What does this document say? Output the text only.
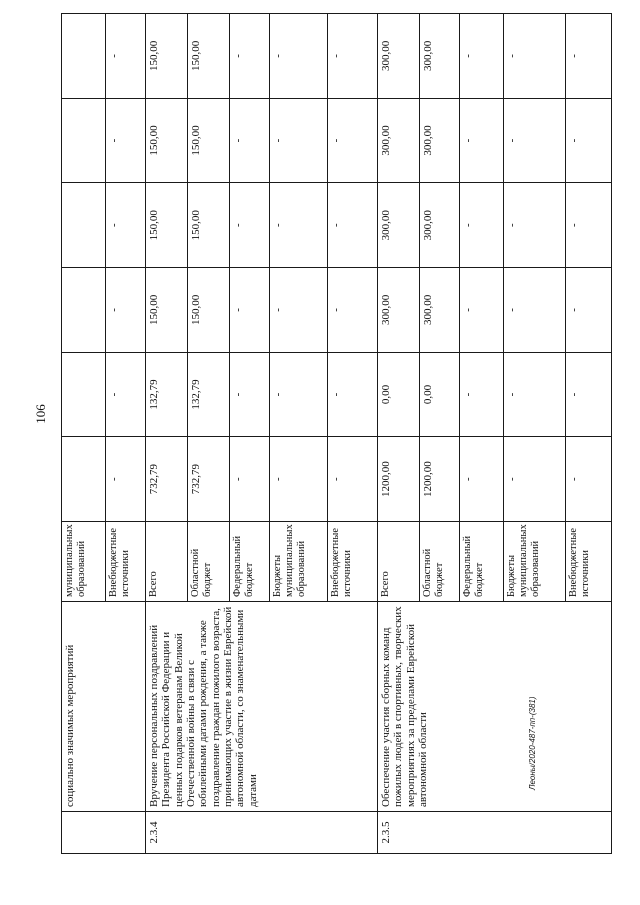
106
Леоны/2020-487-пп-(381)
	социально значимых мероприятий	муниципальных образований						
		Внебюджетные источники	-	-	-	-	-	-
2.3.4	Вручение персональных поздравлений Президента Российской Федерации и ценных подарков ветеранам Великой Отечественной войны в связи с юбилейными датами рождения, а также поздравление граждан пожилого возраста, принимающих участие в жизни Еврейской автономной области, со знаменательными датами	Всего	732,79	132,79	150,00	150,00	150,00	150,00
		Областной бюджет	732,79	132,79	150,00	150,00	150,00	150,00
		Федеральный бюджет	-	-	-	-	-	-
		Бюджеты муниципальных образований	-	-	-	-	-	-
		Внебюджетные источники	-	-	-	-	-	-
2.3.5	Обеспечение участия сборных команд пожилых людей в спортивных, творческих мероприятиях за пределами Еврейской автономной области	Всего	1200,00	0,00	300,00	300,00	300,00	300,00
		Областной бюджет	1200,00	0,00	300,00	300,00	300,00	300,00
		Федеральный бюджет	-	-	-	-	-	-
		Бюджеты муниципальных образований	-	-	-	-	-	-
		Внебюджетные источники	-	-	-	-	-	-
